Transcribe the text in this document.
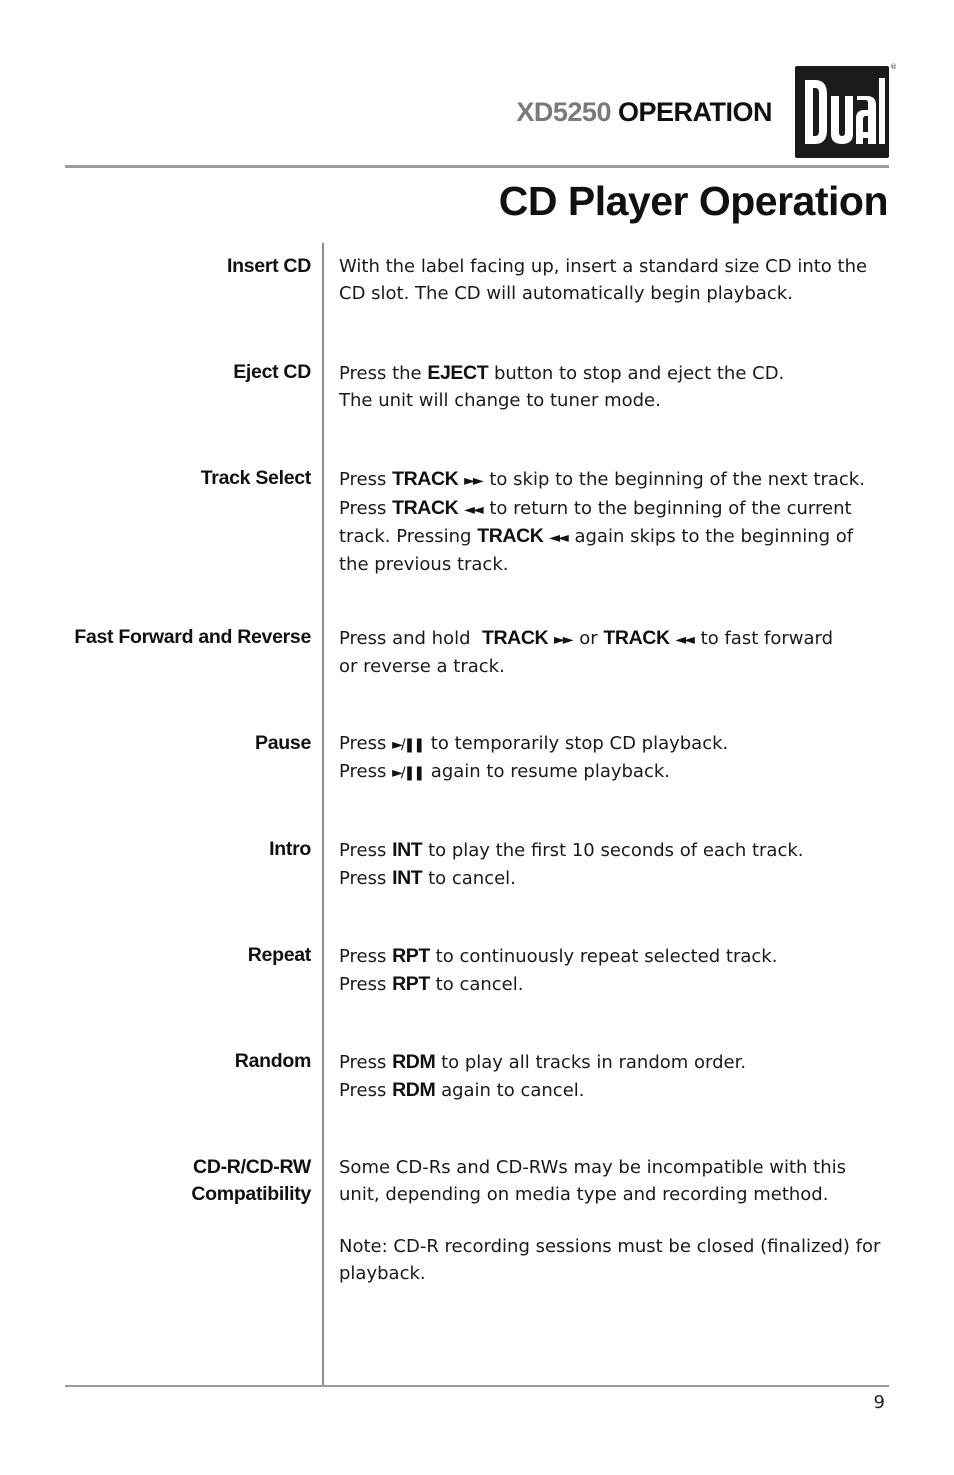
XD5250 OPERATION
®
CD Player Operation
Insert CD With the label facing up, insert a standard size CD into the

CD slot. The CD will automatically begin playback.

Eject CD Press the EJECT button to stop and eject the CD.

The unit will change to tuner mode.

Track Select Press TRACK ►► to skip to the beginning of the next track.

Press TRACK ◄◄ to return to the beginning of the current

track. Pressing TRACK ◄◄ again skips to the beginning of

the previous track.

Fast Forward and Reverse Press and hold TRACK ►► or TRACK ◄◄ to fast forward

or reverse a track.

Pause Press ►/❚❚ to temporarily stop CD playback.

Press ►/❚❚ again to resume playback.

Intro Press INT to play the first 10 seconds of each track.

Press INT to cancel.

Repeat Press RPT to continuously repeat selected track.

Press RPT to cancel.

Random Press RDM to play all tracks in random order.

Press RDM again to cancel.

CD-R/CD-RW
Compatibility

Some CD-Rs and CD-RWs may be incompatible with this

unit, depending on media type and recording method.

Note: CD-R recording sessions must be closed (finalized) for

playback.

9
